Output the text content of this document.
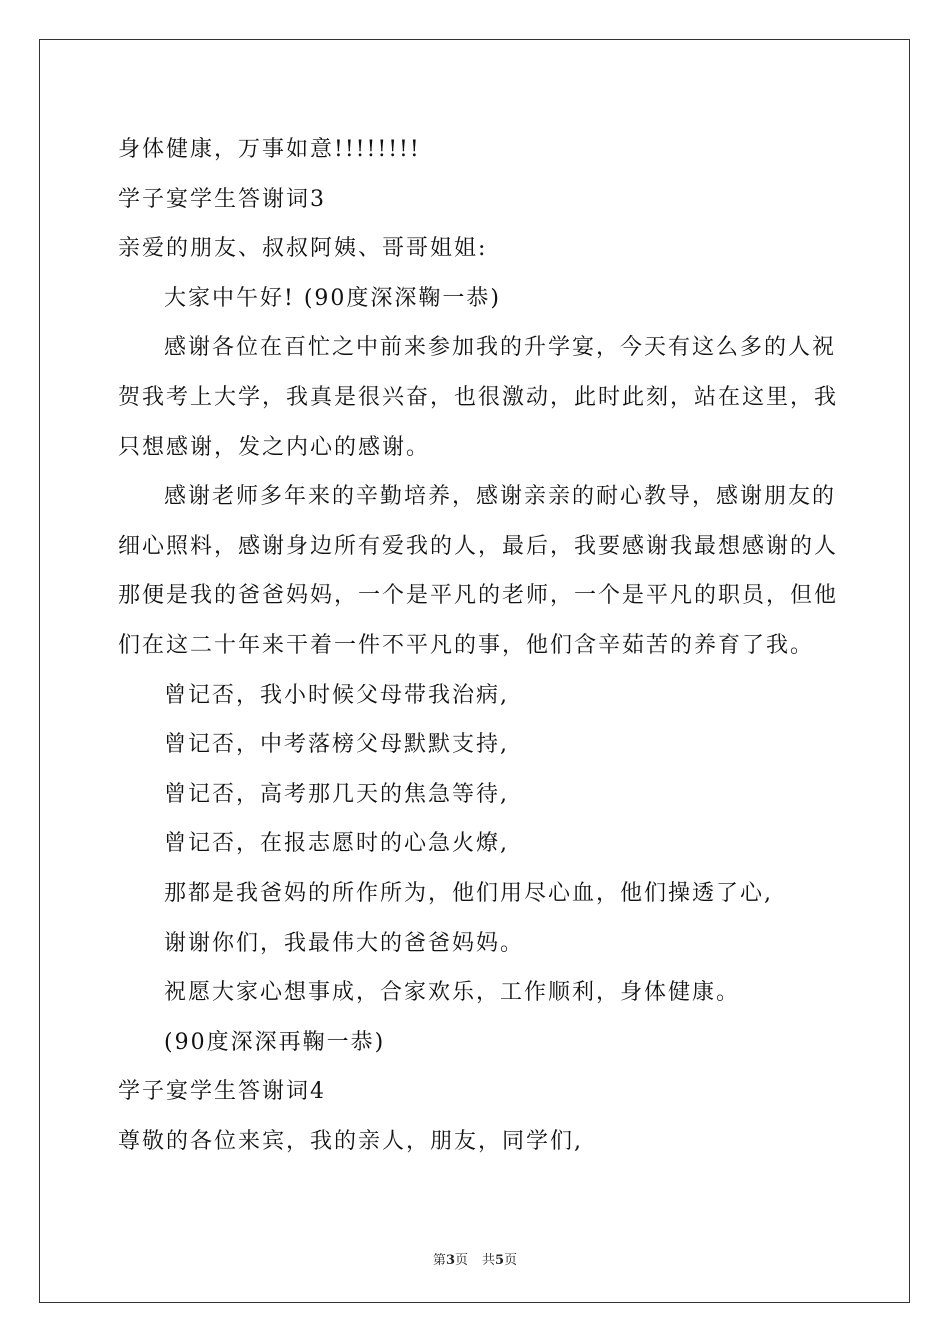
身体健康，万事如意!!!!!!!!
学子宴学生答谢词3
亲爱的朋友、叔叔阿姨、哥哥姐姐:
大家中午好! (90度深深鞠一恭)
感谢各位在百忙之中前来参加我的升学宴，今天有这么多的人祝
贺我考上大学，我真是很兴奋，也很激动，此时此刻，站在这里，我
只想感谢，发之内心的感谢。
感谢老师多年来的辛勤培养，感谢亲亲的耐心教导，感谢朋友的
细心照料，感谢身边所有爱我的人，最后，我要感谢我最想感谢的人
那便是我的爸爸妈妈，一个是平凡的老师，一个是平凡的职员，但他
们在这二十年来干着一件不平凡的事，他们含辛茹苦的养育了我。
曾记否，我小时候父母带我治病,
曾记否，中考落榜父母默默支持,
曾记否，高考那几天的焦急等待,
曾记否，在报志愿时的心急火燎,
那都是我爸妈的所作所为，他们用尽心血，他们操透了心,
谢谢你们，我最伟大的爸爸妈妈。
祝愿大家心想事成，合家欢乐，工作顺利，身体健康。
(90度深深再鞠一恭)
学子宴学生答谢词4
尊敬的各位来宾，我的亲人，朋友，同学们,
第3页 共5页
